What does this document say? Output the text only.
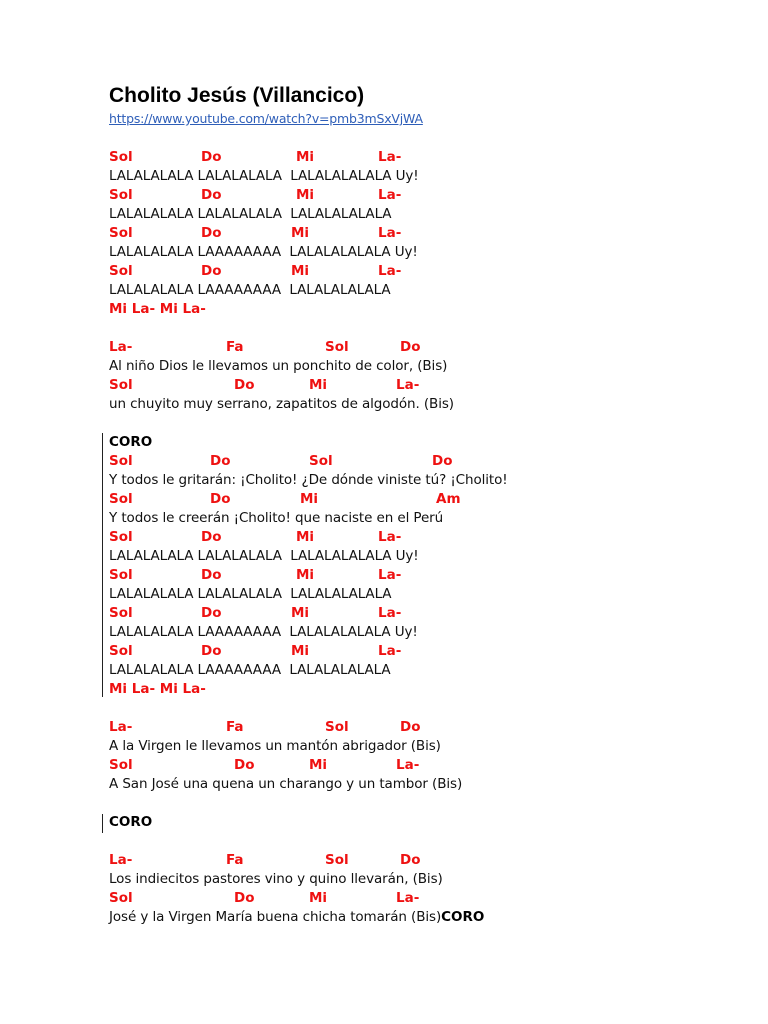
Cholito Jesús (Villancico)
https://www.youtube.com/watch?v=pmb3mSxVjWA

Sol

	Do

	Mi

	La-

LALALALALA LALALALALA  LALALALALALA Uy!

Sol

	Do

	Mi

	La-

LALALALALA LALALALALA  LALALALALALA

Sol

	Do

	Mi

	La-

LALALALALA LAAAAAAAA  LALALALALALA Uy!

Sol

	Do

	Mi

	La-

LALALALALA LAAAAAAAA  LALALALALALA

Mi La- Mi La-

La-

	Fa

	Sol

	Do

Al niño Dios le llevamos un ponchito de color, (Bis)

Sol

	Do

	Mi

	La-

un chuyito muy serrano, zapatitos de algodón. (Bis)
CORO

Sol

	Do

	Sol

	Do

Y todos le gritarán: ¡Cholito! ¿De dónde viniste tú? ¡Cholito!

Sol

	Do

	Mi

	Am

Y todos le creerán ¡Cholito! que naciste en el Perú

Sol

	Do

	Mi

	La-

LALALALALA LALALALALA  LALALALALALA Uy!

Sol

	Do

	Mi

	La-

LALALALALA LALALALALA  LALALALALALA

Sol

	Do

	Mi

	La-

LALALALALA LAAAAAAAA  LALALALALALA Uy!

Sol

	Do

	Mi

	La-

LALALALALA LAAAAAAAA  LALALALALALA

Mi La- Mi La-

La-

	Fa

	Sol

	Do

A la Virgen le llevamos un mantón abrigador (Bis)

Sol

	Do

	Mi

	La-

A San José una quena un charango y un tambor (Bis)
CORO

La-

	Fa

	Sol

	Do

Los indiecitos pastores vino y quino llevarán, (Bis)

Sol

	Do

	Mi

	La-

José y la Virgen María buena chicha tomarán (Bis)CORO
